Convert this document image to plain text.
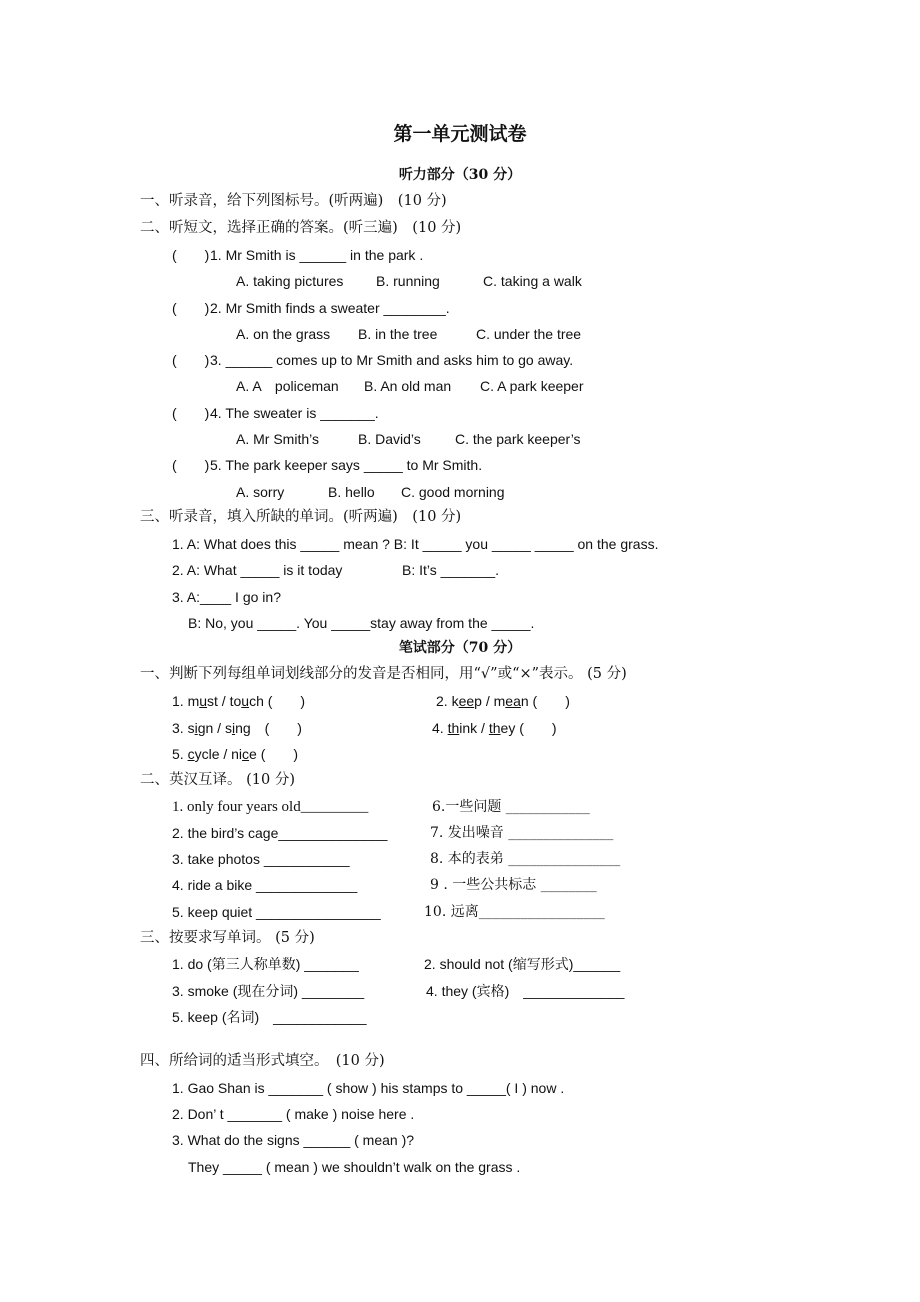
第一单元测试卷
听力部分（30 分）
一、听录音，给下列图标号。(听两遍)　(10 分)
二、听短文，选择正确的答案。(听三遍)　(10 分)
(　　) 1. Mr Smith is ______ in the park .
A. taking pictures B. running	C. taking a walk
(　　) 2. Mr Smith finds a sweater ________.
A. on the grass B. in the tree	C. under the tree
(　　) 3. ______ comes up to Mr Smith and asks him to go away.
A. A　policeman B. An old man C. A park keeper
(　　) 4. The sweater is _______.
A. Mr Smith’s	B. David’s C. the park keeper’s
(　　) 5. The park keeper says _____ to Mr Smith.
A. sorry	B. hello C. good morning
三、听录音，填入所缺的单词。(听两遍)　(10 分)
1. A: What does this _____ mean ? B: It _____ you _____ _____ on the grass.
2. A: What _____ is it today	B: It’s _______.
3. A:____ I go in?
B: No, you _____. You _____stay away from the _____.
笔试部分（70 分）
一、判断下列每组单词划线部分的发音是否相同，用“√”或“×”表示。 (5 分)
1. must / touch (　　)	2. keep / mean (　　)
3. sign / sing　(　　)	4. think / they (　　)
5. cycle / nice (　　)
二、英汉互译。 (10 分)
1. only four years old_________
2. the bird’s cage______________
3. take photos ___________
4. ride a bike _____________
5. keep quiet ________________
6.一些问题 ____________
7. 发出噪音 _______________
8. 本的表弟 ________________
9 . 一些公共标志 ________
10. 远离__________________
三、按要求写单词。 (5 分)
1. do (第三人称单数) _______	2. should not (缩写形式)______
3. smoke (现在分词) ________	4. they (宾格)　_____________
5. keep (名词)　____________
四、所给词的适当形式填空。　(10 分)
1. Gao Shan is _______ ( show ) his stamps to _____( I ) now .
2. Don’ t _______ ( make ) noise here .
3. What do the signs ______ ( mean )?
They _____ ( mean ) we shouldn’t walk on the grass .
